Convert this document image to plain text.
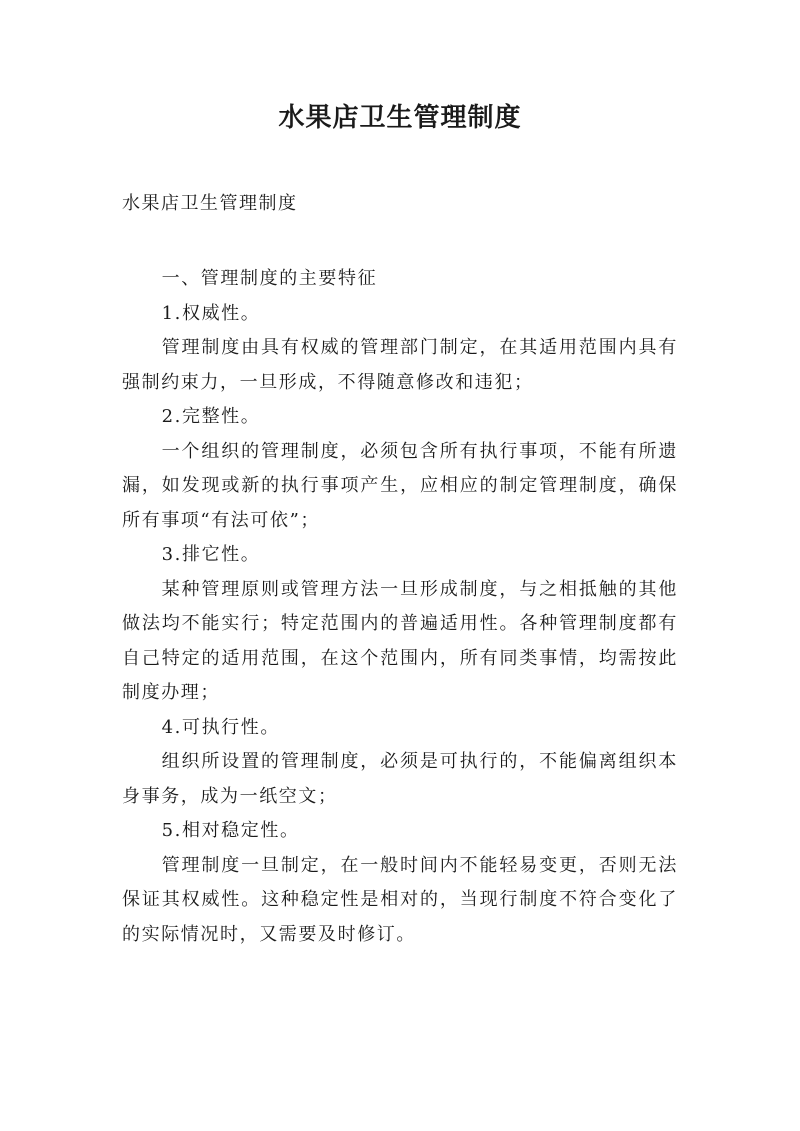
水果店卫生管理制度

水果店卫生管理制度

一、管理制度的主要特征

1.权威性。

管理制度由具有权威的管理部门制定，在其适用范围内具有强制约束力，一旦形成，不得随意修改和违犯；

2.完整性。

一个组织的管理制度，必须包含所有执行事项，不能有所遗漏，如发现或新的执行事项产生，应相应的制定管理制度，确保所有事项“有法可依”；

3.排它性。

某种管理原则或管理方法一旦形成制度，与之相抵触的其他做法均不能实行；特定范围内的普遍适用性。各种管理制度都有自己特定的适用范围，在这个范围内，所有同类事情，均需按此制度办理；

4.可执行性。

组织所设置的管理制度，必须是可执行的，不能偏离组织本身事务，成为一纸空文；

5.相对稳定性。

管理制度一旦制定，在一般时间内不能轻易变更，否则无法保证其权威性。这种稳定性是相对的，当现行制度不符合变化了的实际情况时，又需要及时修订。
